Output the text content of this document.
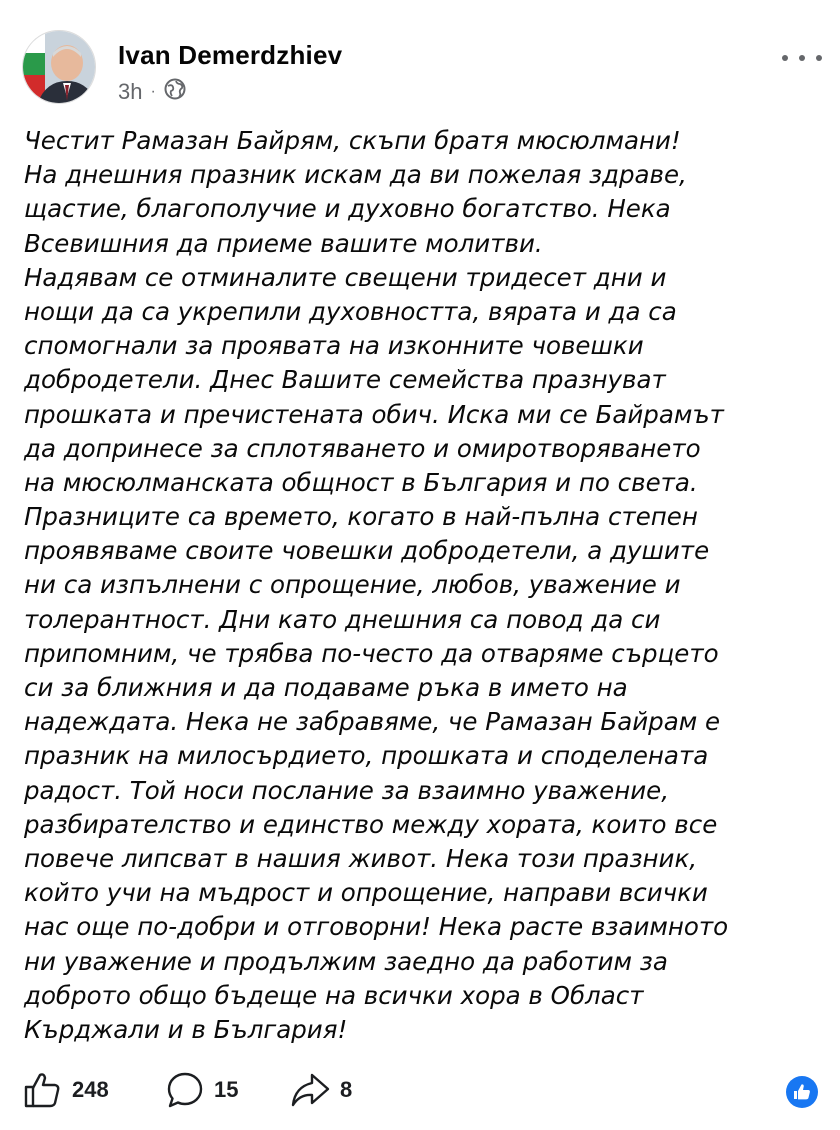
Ivan Demerdzhiev
3h ·
Честит Рамазан Байрям, скъпи братя мюсюлмани!
На днешния празник искам да ви пожелая здраве,
щастие, благополучие и духовно богатство. Нека
Всевишния да приеме вашите молитви.
Надявам се отминалите свещени тридесет дни и
нощи да са укрепили духовността, вярата и да са
спомогнали за проявата на изконните човешки
добродетели. Днес Вашите семейства празнуват
прошката и пречистената обич. Иска ми се Байрамът
да допринесе за сплотяването и омиротворяването
на мюсюлманската общност в България и по света.
Празниците са времето, когато в най-пълна степен
проявяваме своите човешки добродетели, а душите
ни са изпълнени с опрощение, любов, уважение и
толерантност. Дни като днешния са повод да си
припомним, че трябва по-често да отваряме сърцето
си за ближния и да подаваме ръка в името на
надеждата. Нека не забравяме, че Рамазан Байрам е
празник на милосърдието, прошката и споделената
радост. Той носи послание за взаимно уважение,
разбирателство и единство между хората, които все
повече липсват в нашия живот. Нека този празник,
който учи на мъдрост и опрощение, направи всички
нас още по-добри и отговорни! Нека расте взаимното
ни уважение и продължим заедно да работим за
доброто общо бъдеще на всички хора в Област
Кърджали и в България!
248	15	8
